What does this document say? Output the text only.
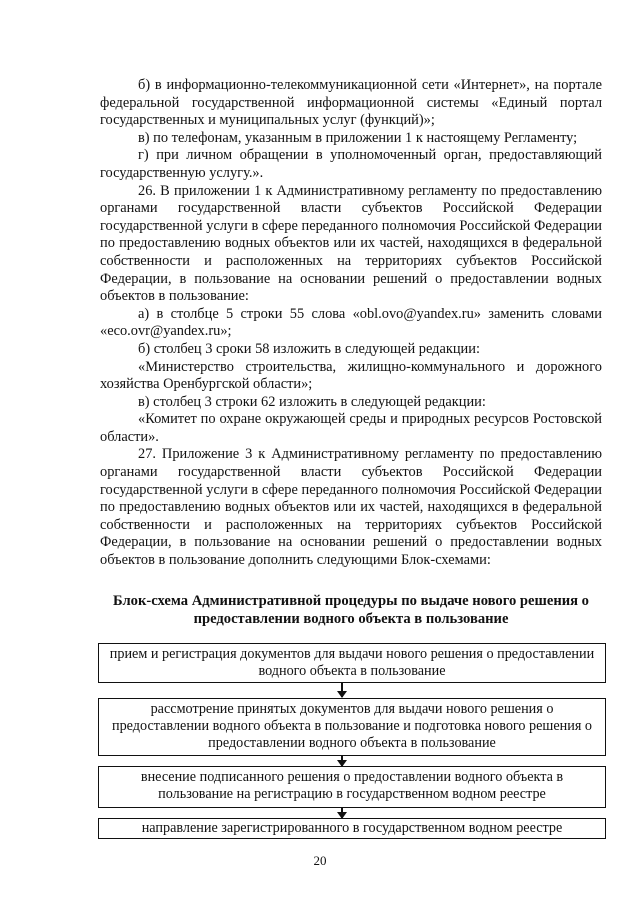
б) в информационно-телекоммуникационной сети «Интернет», на портале федеральной государственной информационной системы «Единый портал государственных и муниципальных услуг (функций)»;

в) по телефонам, указанным в приложении 1 к настоящему Регламенту;

г) при личном обращении в уполномоченный орган, предоставляющий государственную услугу.».

26. В приложении 1 к Административному регламенту по предоставлению органами государственной власти субъектов Российской Федерации государственной услуги в сфере переданного полномочия Российской Федерации по предоставлению водных объектов или их частей, находящихся в федеральной собственности и расположенных на территориях субъектов Российской Федерации, в пользование на основании решений о предоставлении водных объектов в пользование:

а) в столбце 5 строки 55 слова «obl.ovo@yandex.ru» заменить словами «eco.ovr@yandex.ru»;

б) столбец 3 сроки 58 изложить в следующей редакции:

«Министерство строительства, жилищно-коммунального и дорожного хозяйства Оренбургской области»;

в) столбец 3 строки 62 изложить в следующей редакции:

«Комитет по охране окружающей среды и природных ресурсов Ростовской области».

27. Приложение 3 к Административному регламенту по предоставлению органами государственной власти субъектов Российской Федерации государственной услуги в сфере переданного полномочия Российской Федерации по предоставлению водных объектов или их частей, находящихся в федеральной собственности и расположенных на территориях субъектов Российской Федерации, в пользование на основании решений о предоставлении водных объектов в пользование дополнить следующими Блок-схемами:

Блок-схема Административной процедуры по выдаче нового решения о предоставлении водного объекта в пользование
прием и регистрация документов для выдачи нового решения о предоставлении водного объекта в пользование
рассмотрение принятых документов для выдачи нового решения о предоставлении водного объекта в пользование и подготовка нового решения о предоставлении водного объекта в пользование
внесение подписанного решения о предоставлении водного объекта в пользование на регистрацию в государственном водном реестре
направление зарегистрированного в государственном водном реестре
20
